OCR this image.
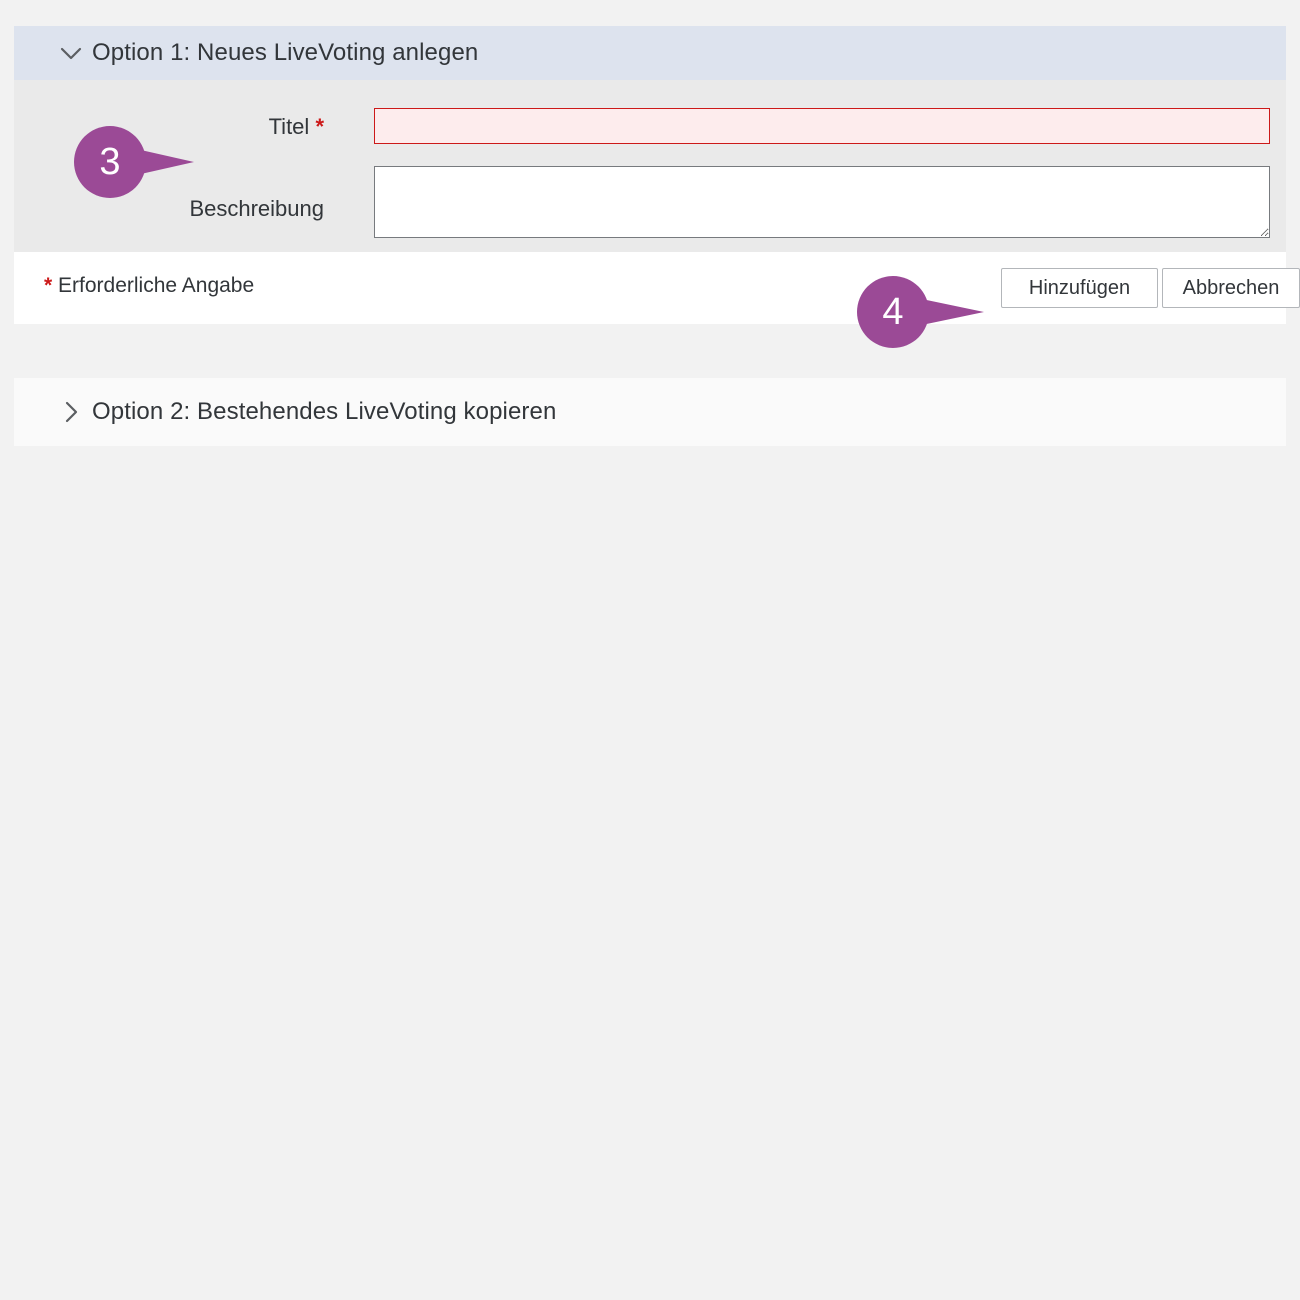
Option 1: Neues LiveVoting anlegen
Titel *
Beschreibung
* Erforderliche Angabe	Hinzufügen	Abbrechen
Option 2: Bestehendes LiveVoting kopieren
3
4
